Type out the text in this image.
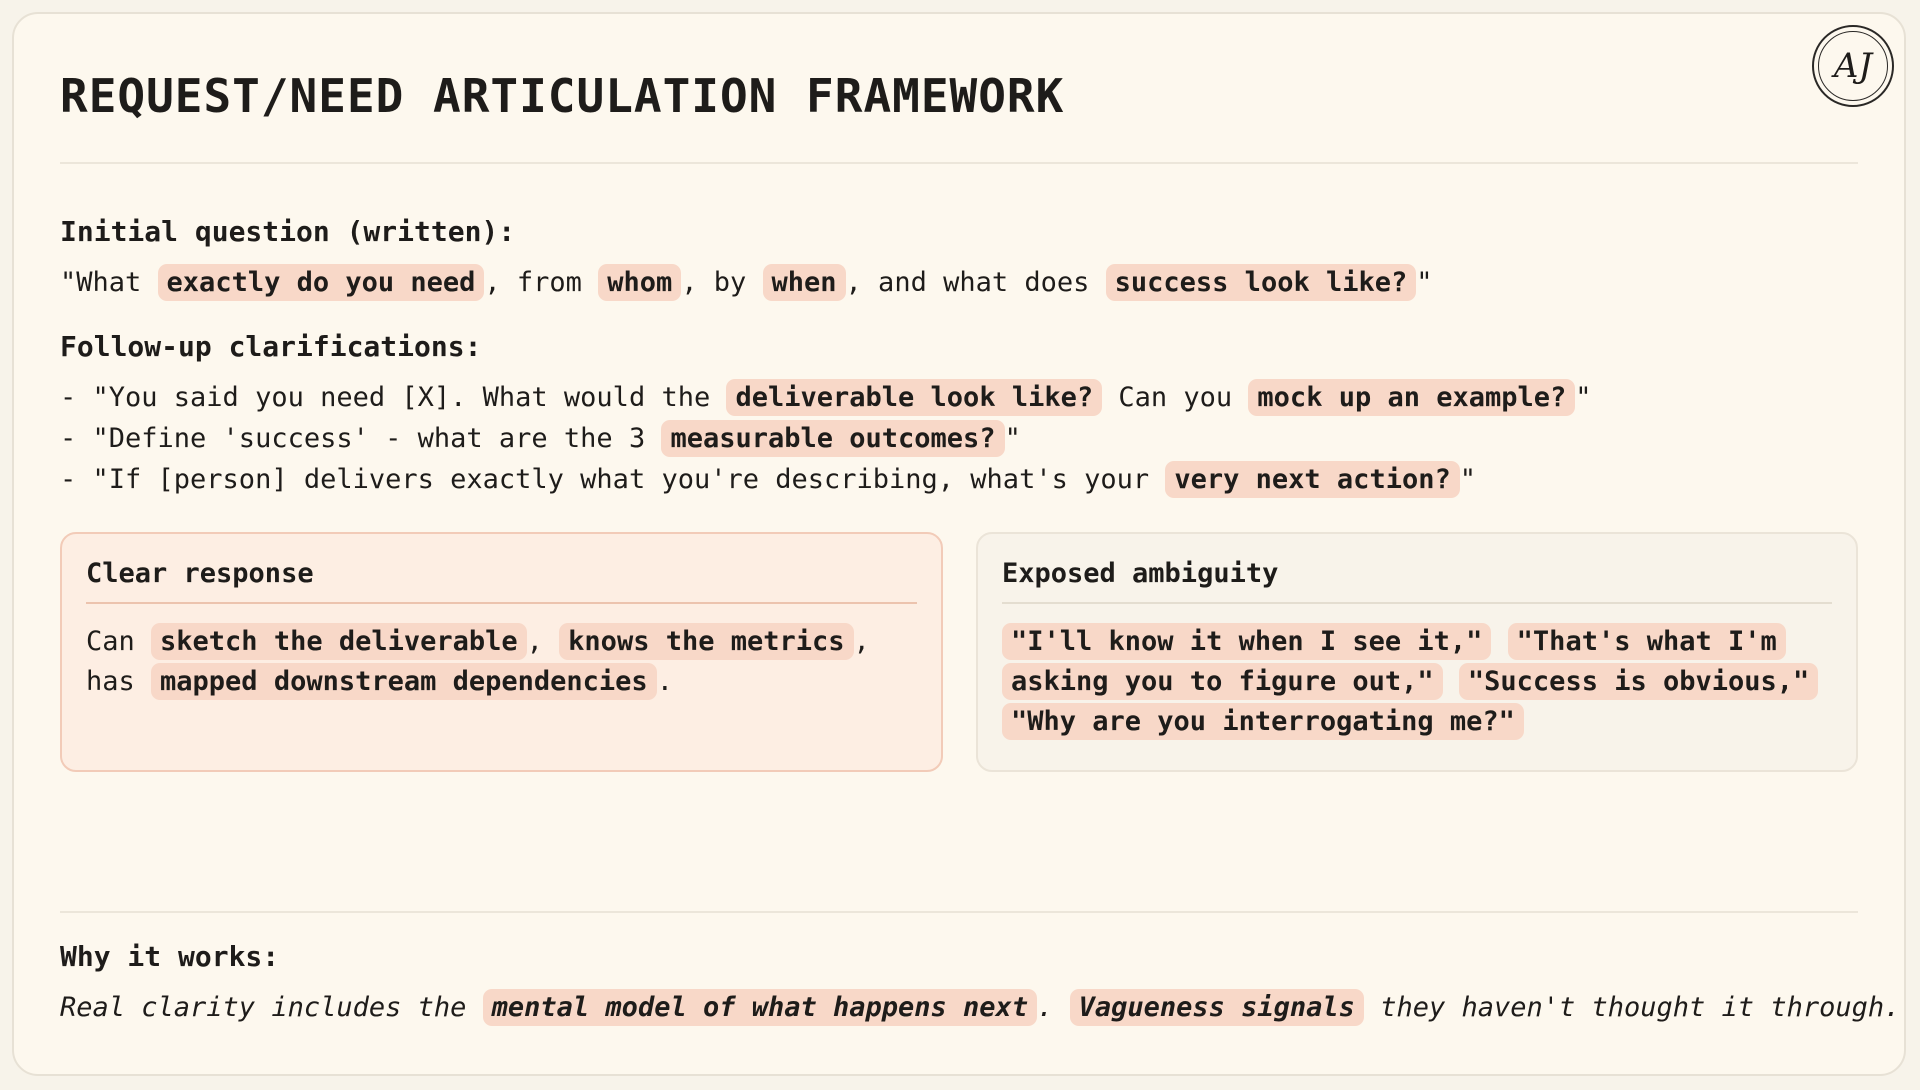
AJ
REQUEST/NEED ARTICULATION FRAMEWORK
Initial question (written):
"What exactly do you need , from whom , by when , and what does success look like? "
Follow-up clarifications:
- "You said you need [X]. What would the deliverable look like? Can you mock up an example? "
- "Define 'success' - what are the 3 measurable outcomes? "
- "If [person] delivers exactly what you're describing, what's your very next action? "
Clear response
Can sketch the deliverable , knows the metrics , has mapped downstream dependencies .
Exposed ambiguity
"I'll know it when I see it," "That's what I'm asking you to figure out," "Success is obvious," "Why are you interrogating me?"
Why it works:
Real clarity includes the mental model of what happens next . Vagueness signals they haven't thought it through.
